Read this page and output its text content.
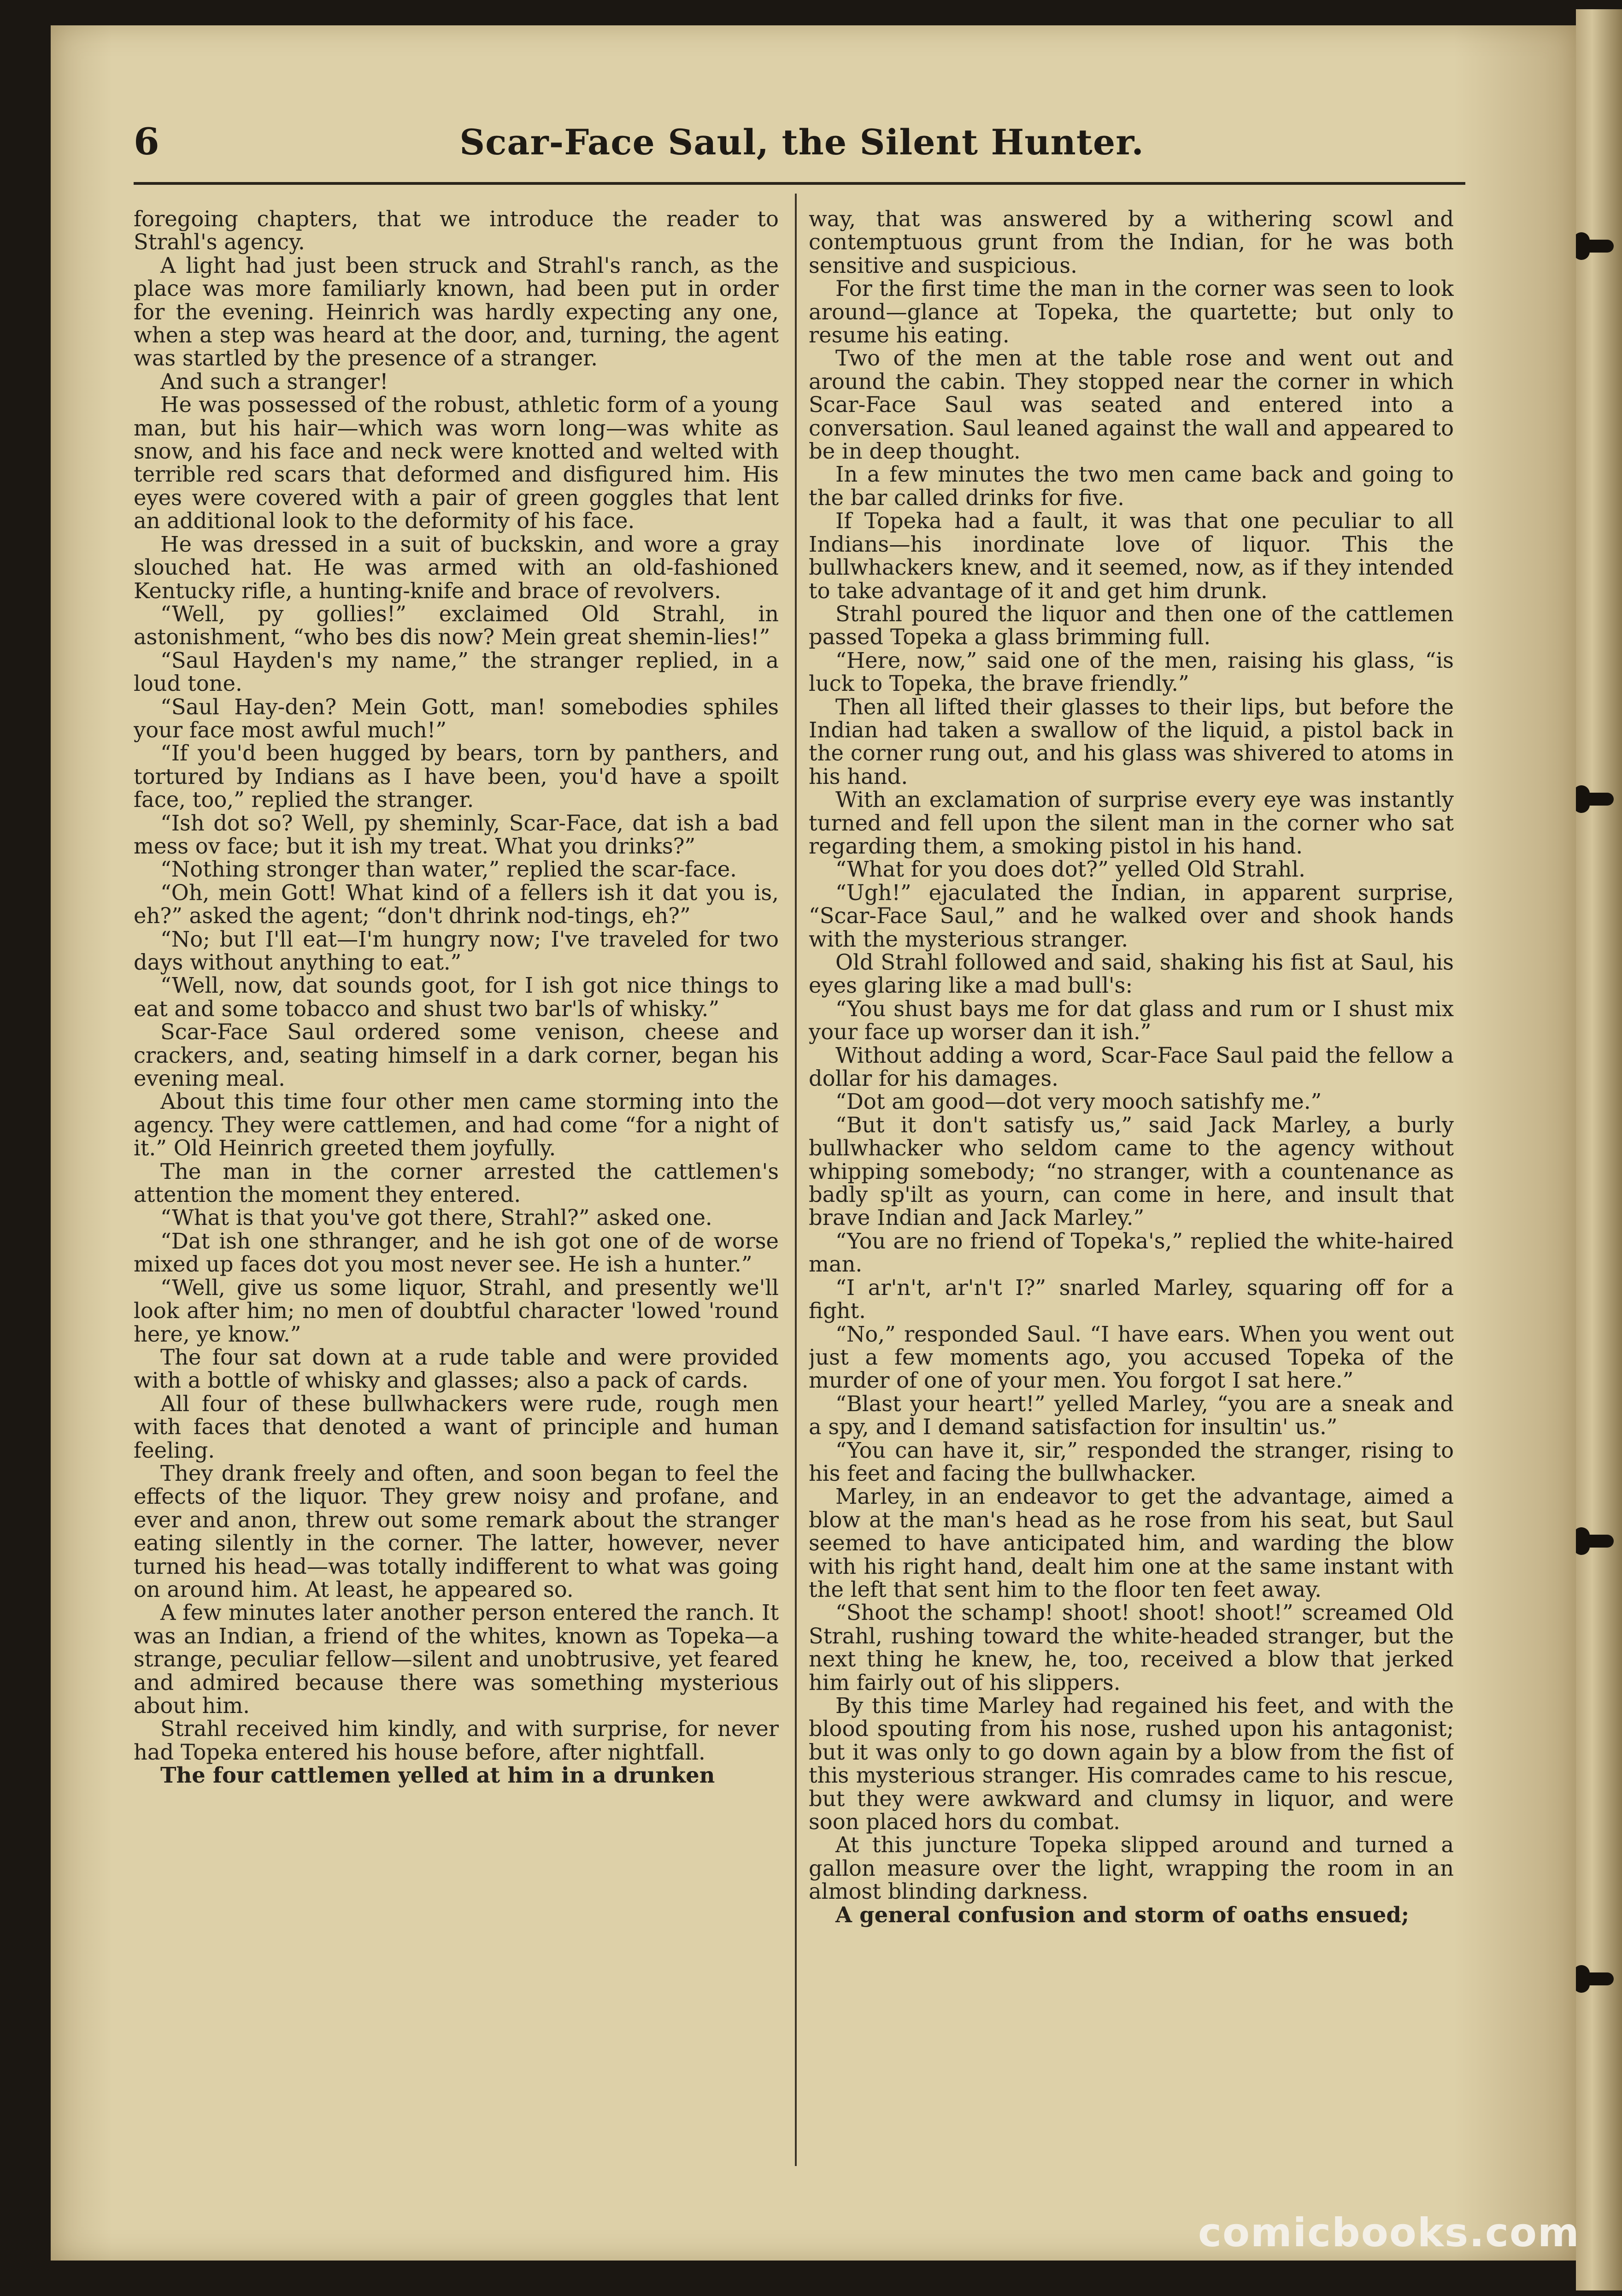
6	Scar-Face Saul, the Silent Hunter.

foregoing chapters, that we introduce the reader to Strahl's agency.

A light had just been struck and Strahl's ranch, as the place was more familiarly known, had been put in order for the evening. Heinrich was hardly expecting any one, when a step was heard at the door, and, turning, the agent was startled by the presence of a stranger.

And such a stranger!

He was possessed of the robust, athletic form of a young man, but his hair—which was worn long—was white as snow, and his face and neck were knotted and welted with terrible red scars that deformed and disfigured him. His eyes were covered with a pair of green goggles that lent an additional look to the deformity of his face.

He was dressed in a suit of buckskin, and wore a gray slouched hat. He was armed with an old-fashioned Kentucky rifle, a hunting-knife and brace of revolvers.

“Well, py gollies!” exclaimed Old Strahl, in astonishment, “who bes dis now? Mein great shemin-lies!”

“Saul Hayden's my name,” the stranger replied, in a loud tone.

“Saul Hay-den? Mein Gott, man! somebodies sphiles your face most awful much!”

“If you'd been hugged by bears, torn by panthers, and tortured by Indians as I have been, you'd have a spoilt face, too,” replied the stranger.

“Ish dot so? Well, py sheminly, Scar-Face, dat ish a bad mess ov face; but it ish my treat. What you drinks?”

“Nothing stronger than water,” replied the scar-face.

“Oh, mein Gott! What kind of a fellers ish it dat you is, eh?” asked the agent; “don't dhrink nod-tings, eh?”

“No; but I'll eat—I'm hungry now; I've traveled for two days without anything to eat.”

“Well, now, dat sounds goot, for I ish got nice things to eat and some tobacco and shust two bar'ls of whisky.”

Scar-Face Saul ordered some venison, cheese and crackers, and, seating himself in a dark corner, began his evening meal.

About this time four other men came storming into the agency. They were cattlemen, and had come “for a night of it.” Old Heinrich greeted them joyfully.

The man in the corner arrested the cattlemen's attention the moment they entered.

“What is that you've got there, Strahl?” asked one.

“Dat ish one sthranger, and he ish got one of de worse mixed up faces dot you most never see. He ish a hunter.”

“Well, give us some liquor, Strahl, and presently we'll look after him; no men of doubtful character 'lowed 'round here, ye know.”

The four sat down at a rude table and were provided with a bottle of whisky and glasses; also a pack of cards.

All four of these bullwhackers were rude, rough men with faces that denoted a want of principle and human feeling.

They drank freely and often, and soon began to feel the effects of the liquor. They grew noisy and profane, and ever and anon, threw out some remark about the stranger eating silently in the corner. The latter, however, never turned his head—was totally indifferent to what was going on around him. At least, he appeared so.

A few minutes later another person entered the ranch. It was an Indian, a friend of the whites, known as Topeka—a strange, peculiar fellow—silent and unobtrusive, yet feared and admired because there was something mysterious about him.

Strahl received him kindly, and with surprise, for never had Topeka entered his house before, after nightfall.

The four cattlemen yelled at him in a drunken

way, that was answered by a withering scowl and contemptuous grunt from the Indian, for he was both sensitive and suspicious.

For the first time the man in the corner was seen to look around—glance at Topeka, the quartette; but only to resume his eating.

Two of the men at the table rose and went out and around the cabin. They stopped near the corner in which Scar-Face Saul was seated and entered into a conversation. Saul leaned against the wall and appeared to be in deep thought.

In a few minutes the two men came back and going to the bar called drinks for five.

If Topeka had a fault, it was that one peculiar to all Indians—his inordinate love of liquor. This the bullwhackers knew, and it seemed, now, as if they intended to take advantage of it and get him drunk.

Strahl poured the liquor and then one of the cattlemen passed Topeka a glass brimming full.

“Here, now,” said one of the men, raising his glass, “is luck to Topeka, the brave friendly.”

Then all lifted their glasses to their lips, but before the Indian had taken a swallow of the liquid, a pistol back in the corner rung out, and his glass was shivered to atoms in his hand.

With an exclamation of surprise every eye was instantly turned and fell upon the silent man in the corner who sat regarding them, a smoking pistol in his hand.

“What for you does dot?” yelled Old Strahl.

“Ugh!” ejaculated the Indian, in apparent surprise, “Scar-Face Saul,” and he walked over and shook hands with the mysterious stranger.

Old Strahl followed and said, shaking his fist at Saul, his eyes glaring like a mad bull's:

“You shust bays me for dat glass and rum or I shust mix your face up worser dan it ish.”

Without adding a word, Scar-Face Saul paid the fellow a dollar for his damages.

“Dot am good—dot very mooch satishfy me.”

“But it don't satisfy us,” said Jack Marley, a burly bullwhacker who seldom came to the agency without whipping somebody; “no stranger, with a countenance as badly sp'ilt as yourn, can come in here, and insult that brave Indian and Jack Marley.”

“You are no friend of Topeka's,” replied the white-haired man.

“I ar'n't, ar'n't I?” snarled Marley, squaring off for a fight.

“No,” responded Saul. “I have ears. When you went out just a few moments ago, you accused Topeka of the murder of one of your men. You forgot I sat here.”

“Blast your heart!” yelled Marley, “you are a sneak and a spy, and I demand satisfaction for insultin' us.”

“You can have it, sir,” responded the stranger, rising to his feet and facing the bullwhacker.

Marley, in an endeavor to get the advantage, aimed a blow at the man's head as he rose from his seat, but Saul seemed to have anticipated him, and warding the blow with his right hand, dealt him one at the same instant with the left that sent him to the floor ten feet away.

“Shoot the schamp! shoot! shoot! shoot!” screamed Old Strahl, rushing toward the white-headed stranger, but the next thing he knew, he, too, received a blow that jerked him fairly out of his slippers.

By this time Marley had regained his feet, and with the blood spouting from his nose, rushed upon his antagonist; but it was only to go down again by a blow from the fist of this mysterious stranger. His comrades came to his rescue, but they were awkward and clumsy in liquor, and were soon placed hors du combat.

At this juncture Topeka slipped around and turned a gallon measure over the light, wrapping the room in an almost blinding darkness.

A general confusion and storm of oaths ensued;

comicbooks.com
